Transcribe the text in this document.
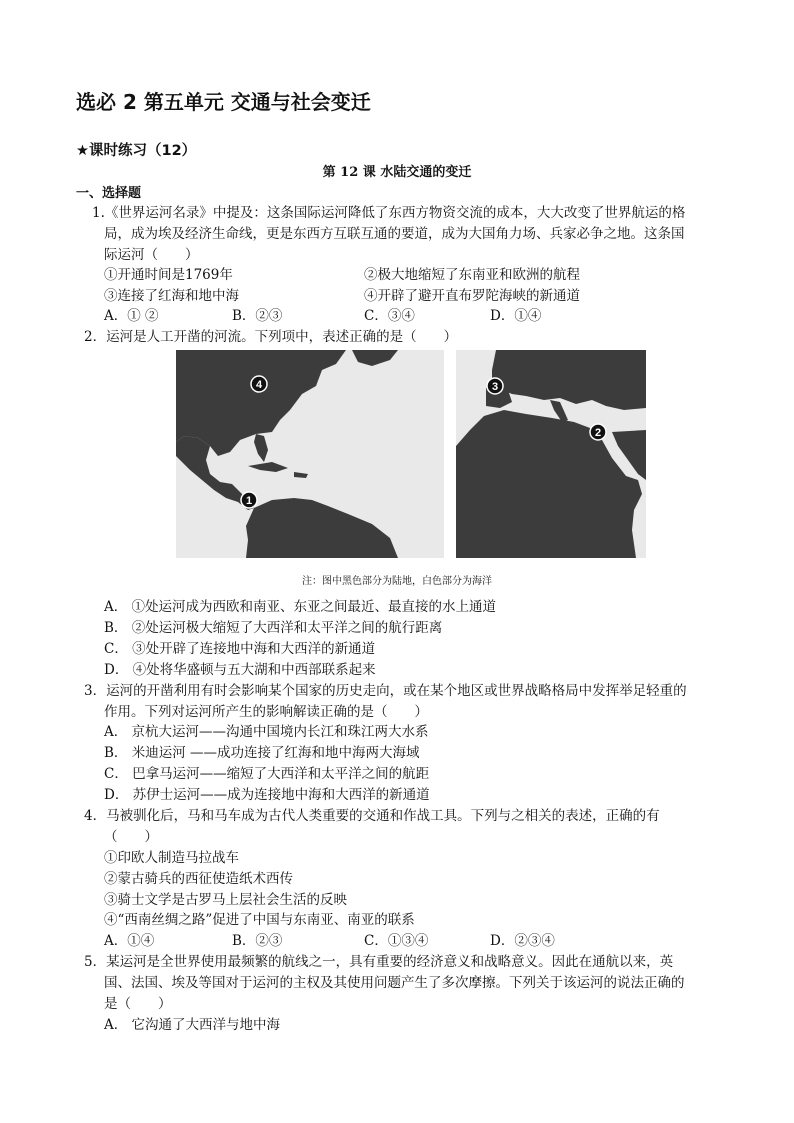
选必 2 第五单元 交通与社会变迁
★课时练习（12）
第 12 课 水陆交通的变迁
一、选择题
1.《世界运河名录》中提及：这条国际运河降低了东西方物资交流的成本，大大改变了世界航运的格
局，成为埃及经济生命线，更是东西方互联互通的要道，成为大国角力场、兵家必争之地。这条国
际运河（　　）
①开通时间是1769年	②极大地缩短了东南亚和欧洲的航程
③连接了红海和地中海	④开辟了避开直布罗陀海峡的新通道
A．① ②	B．②③	C．③④	D．①④
2．运河是人工开凿的河流。下列项中，表述正确的是（　　）
4
1
3
2
注：图中黑色部分为陆地，白色部分为海洋
A． ①处运河成为西欧和南亚、东亚之间最近、最直接的水上通道
B． ②处运河极大缩短了大西洋和太平洋之间的航行距离
C． ③处开辟了连接地中海和大西洋的新通道
D． ④处将华盛顿与五大湖和中西部联系起来
3．运河的开凿利用有时会影响某个国家的历史走向，或在某个地区或世界战略格局中发挥举足轻重的
作用。下列对运河所产生的影响解读正确的是（　　）
A． 京杭大运河——沟通中国境内长江和珠江两大水系
B． 米迪运河 ——成功连接了红海和地中海两大海域
C． 巴拿马运河——缩短了大西洋和太平洋之间的航距
D． 苏伊士运河——成为连接地中海和大西洋的新通道
4．马被驯化后，马和马车成为古代人类重要的交通和作战工具。下列与之相关的表述，正确的有
（　　）
①印欧人制造马拉战车
②蒙古骑兵的西征使造纸术西传
③骑士文学是古罗马上层社会生活的反映
④“西南丝绸之路”促进了中国与东南亚、南亚的联系
A．①④	B．②③	C．①③④	D．②③④
5．某运河是全世界使用最频繁的航线之一，具有重要的经济意义和战略意义。因此在通航以来，英
国、法国、埃及等国对于运河的主权及其使用问题产生了多次摩擦。下列关于该运河的说法正确的
是（　　）
A． 它沟通了大西洋与地中海
